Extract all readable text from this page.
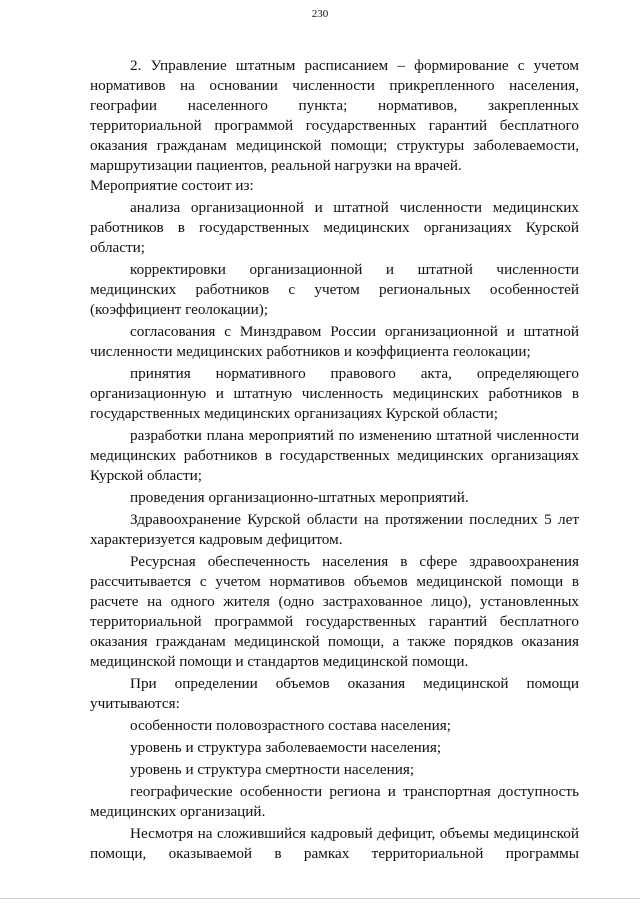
230

2. Управление штатным расписанием – формирование с учетом нормативов на основании численности прикрепленного населения, географии населенного пункта; нормативов, закрепленных территориальной программой государственных гарантий бесплатного оказания гражданам медицинской помощи; структуры заболеваемости, маршрутизации пациентов, реальной нагрузки на врачей.

Мероприятие состоит из:

анализа организационной и штатной численности медицинских работников в государственных медицинских организациях Курской области;

корректировки организационной и штатной численности медицинских работников с учетом региональных особенностей (коэффициент геолокации);

согласования с Минздравом России организационной и штатной численности медицинских работников и коэффициента геолокации;

принятия нормативного правового акта, определяющего организационную и штатную численность медицинских работников в государственных медицинских организациях Курской области;

разработки плана мероприятий по изменению штатной численности медицинских работников в государственных медицинских организациях Курской области;

проведения организационно-штатных мероприятий.

Здравоохранение Курской области на протяжении последних 5 лет характеризуется кадровым дефицитом.

Ресурсная обеспеченность населения в сфере здравоохранения рассчитывается с учетом нормативов объемов медицинской помощи в расчете на одного жителя (одно застрахованное лицо), установленных территориальной программой государственных гарантий бесплатного оказания гражданам медицинской помощи, а также порядков оказания медицинской помощи и стандартов медицинской помощи.

При определении объемов оказания медицинской помощи учитываются:

особенности половозрастного состава населения;

уровень и структура заболеваемости населения;

уровень и структура смертности населения;

географические особенности региона и транспортная доступность медицинских организаций.

Несмотря на сложившийся кадровый дефицит, объемы медицинской помощи, оказываемой в рамках территориальной программы
